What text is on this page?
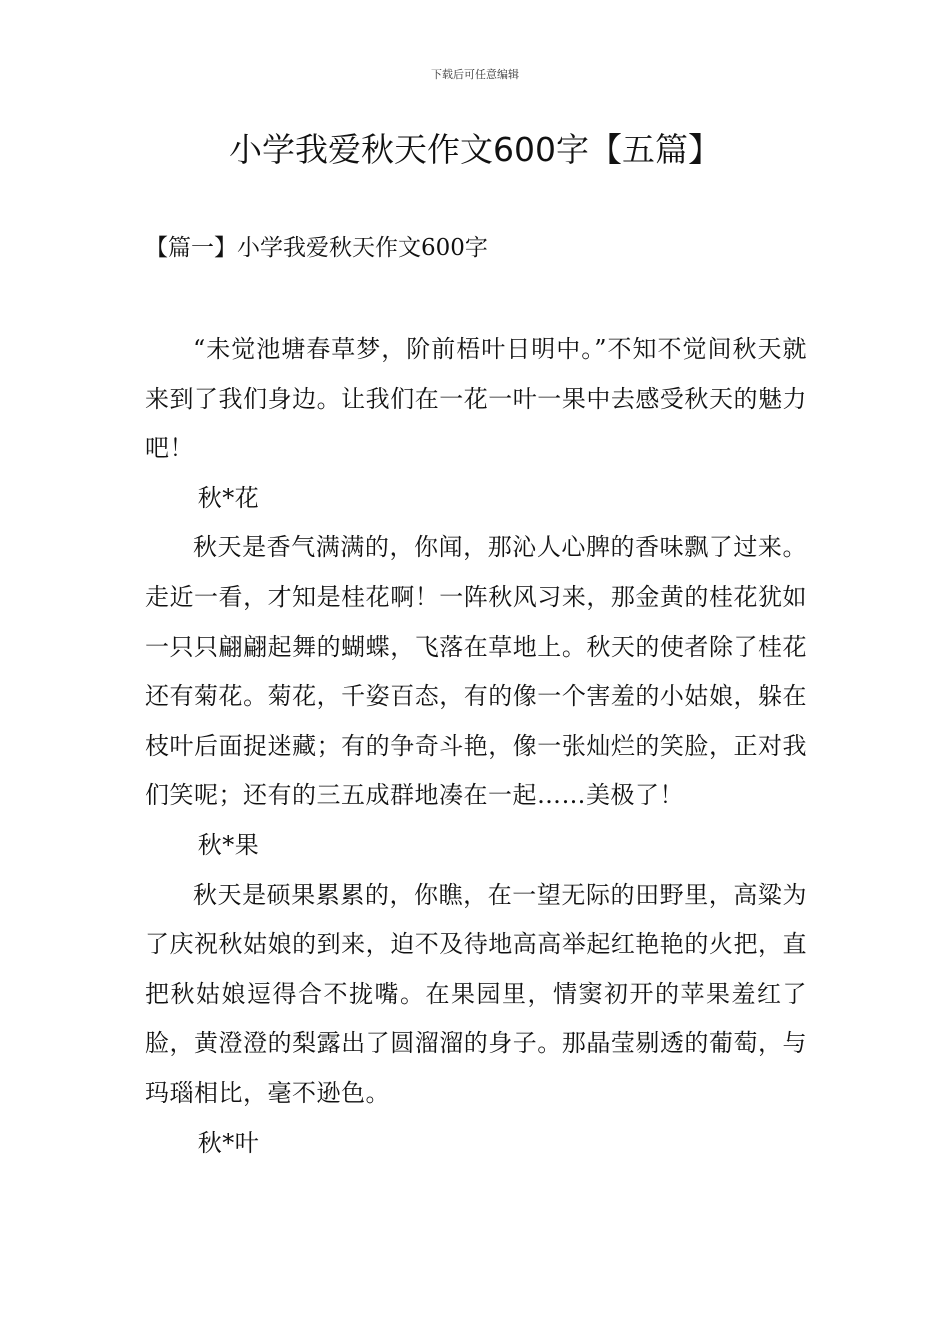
下载后可任意编辑
小学我爱秋天作文600字【五篇】
【篇一】小学我爱秋天作文600字

“未觉池塘春草梦，阶前梧叶日明中。”不知不觉间秋天就来到了我们身边。让我们在一花一叶一果中去感受秋天的魅力吧！

秋*花

秋天是香气满满的，你闻，那沁人心脾的香味飘了过来。走近一看，才知是桂花啊！一阵秋风习来，那金黄的桂花犹如一只只翩翩起舞的蝴蝶，飞落在草地上。秋天的使者除了桂花还有菊花。菊花，千姿百态，有的像一个害羞的小姑娘，躲在枝叶后面捉迷藏；有的争奇斗艳，像一张灿烂的笑脸，正对我们笑呢；还有的三五成群地凑在一起……美极了！

秋*果

秋天是硕果累累的，你瞧，在一望无际的田野里，高粱为了庆祝秋姑娘的到来，迫不及待地高高举起红艳艳的火把，直把秋姑娘逗得合不拢嘴。在果园里，情窦初开的苹果羞红了脸，黄澄澄的梨露出了圆溜溜的身子。那晶莹剔透的葡萄，与玛瑙相比，毫不逊色。

秋*叶
